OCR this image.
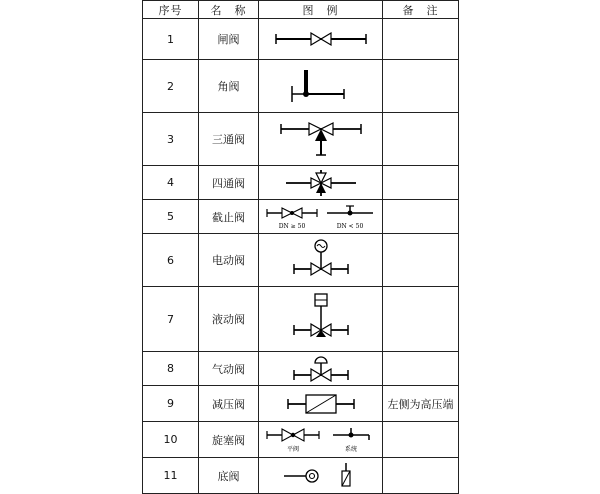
序号	名　称	图　例	备　注
1	闸阀	

2	角阀	

3	三通阀	

4	四通阀	

5	截止阀	DN ≥ 50 DN < 50	

6	电动阀	

7	液动阀	

8	气动阀	

9	减压阀		左侧为高压端
10	旋塞阀	平阀 系统	

11	底阀	
